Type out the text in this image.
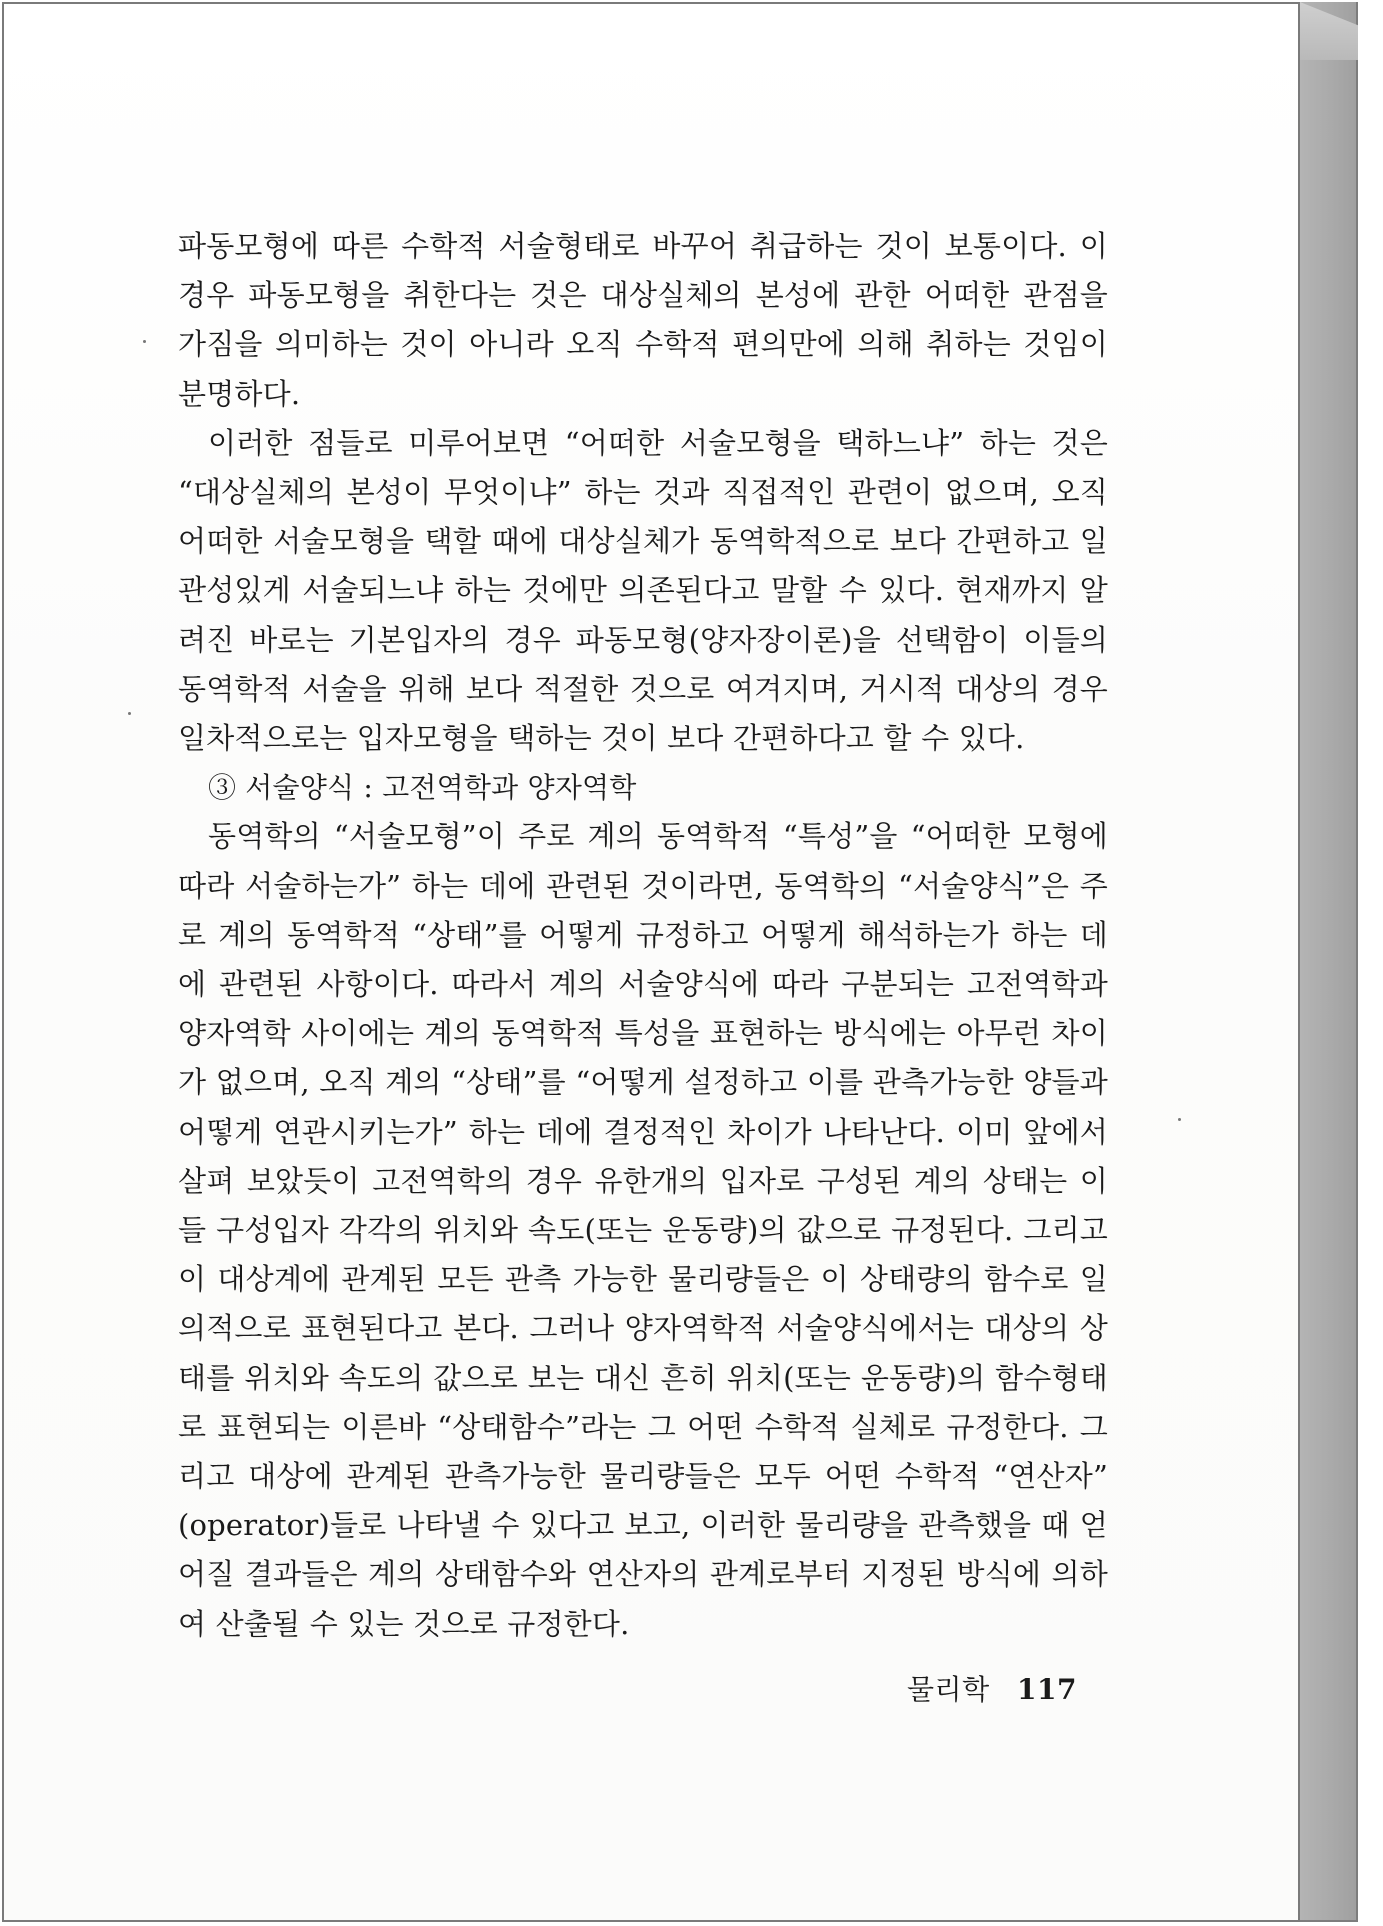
파동모형에 따른 수학적 서술형태로 바꾸어 취급하는 것이 보통이다. 이 경우 파동모형을 취한다는 것은 대상실체의 본성에 관한 어떠한 관점을 가짐을 의미하는 것이 아니라 오직 수학적 편의만에 의해 취하는 것임이 분명하다.

이러한 점들로 미루어보면 “어떠한 서술모형을 택하느냐” 하는 것은 “대상실체의 본성이 무엇이냐” 하는 것과 직접적인 관련이 없으며, 오직 어떠한 서술모형을 택할 때에 대상실체가 동역학적으로 보다 간편하고 일관성있게 서술되느냐 하는 것에만 의존된다고 말할 수 있다. 현재까지 알려진 바로는 기본입자의 경우 파동모형(양자장이론)을 선택함이 이들의 동역학적 서술을 위해 보다 적절한 것으로 여겨지며, 거시적 대상의 경우 일차적으로는 입자모형을 택하는 것이 보다 간편하다고 할 수 있다.

③ 서술양식 : 고전역학과 양자역학

동역학의 “서술모형”이 주로 계의 동역학적 “특성”을 “어떠한 모형에 따라 서술하는가” 하는 데에 관련된 것이라면, 동역학의 “서술양식”은 주로 계의 동역학적 “상태”를 어떻게 규정하고 어떻게 해석하는가 하는 데에 관련된 사항이다. 따라서 계의 서술양식에 따라 구분되는 고전역학과 양자역학 사이에는 계의 동역학적 특성을 표현하는 방식에는 아무런 차이가 없으며, 오직 계의 “상태”를 “어떻게 설정하고 이를 관측가능한 양들과 어떻게 연관시키는가” 하는 데에 결정적인 차이가 나타난다. 이미 앞에서 살펴 보았듯이 고전역학의 경우 유한개의 입자로 구성된 계의 상태는 이들 구성입자 각각의 위치와 속도(또는 운동량)의 값으로 규정된다. 그리고 이 대상계에 관계된 모든 관측 가능한 물리량들은 이 상태량의 함수로 일의적으로 표현된다고 본다. 그러나 양자역학적 서술양식에서는 대상의 상태를 위치와 속도의 값으로 보는 대신 흔히 위치(또는 운동량)의 함수형태로 표현되는 이른바 “상태함수”라는 그 어떤 수학적 실체로 규정한다. 그리고 대상에 관계된 관측가능한 물리량들은 모두 어떤 수학적 “연산자” (operator)들로 나타낼 수 있다고 보고, 이러한 물리량을 관측했을 때 얻어질 결과들은 계의 상태함수와 연산자의 관계로부터 지정된 방식에 의하여 산출될 수 있는 것으로 규정한다.

물리학 117
